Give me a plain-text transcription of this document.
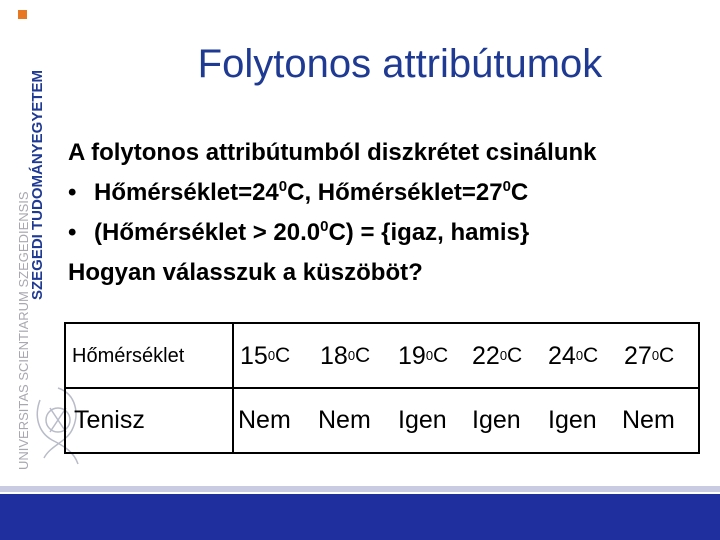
SZEGEDI TUDOMÁNYEGYETEM
UNIVERSITAS SCIENTIARUM SZEGEDIENSIS
Folytonos attribútumok
A folytonos attribútumból diszkrétet csinálunk
• $Hőmérséklet=24^0C$, $Hőmérséklet=27^0C$
• (Hőmérséklet > $20.0^0C$) = {igaz, hamis}
Hogyan válasszuk a küszöböt?
Hőmérséklet 15 0 C 18 0 C 19 0 C 22 0 C 24 0 C 27 0 C
Tenisz	Nem Nem Igen Igen Igen Nem
